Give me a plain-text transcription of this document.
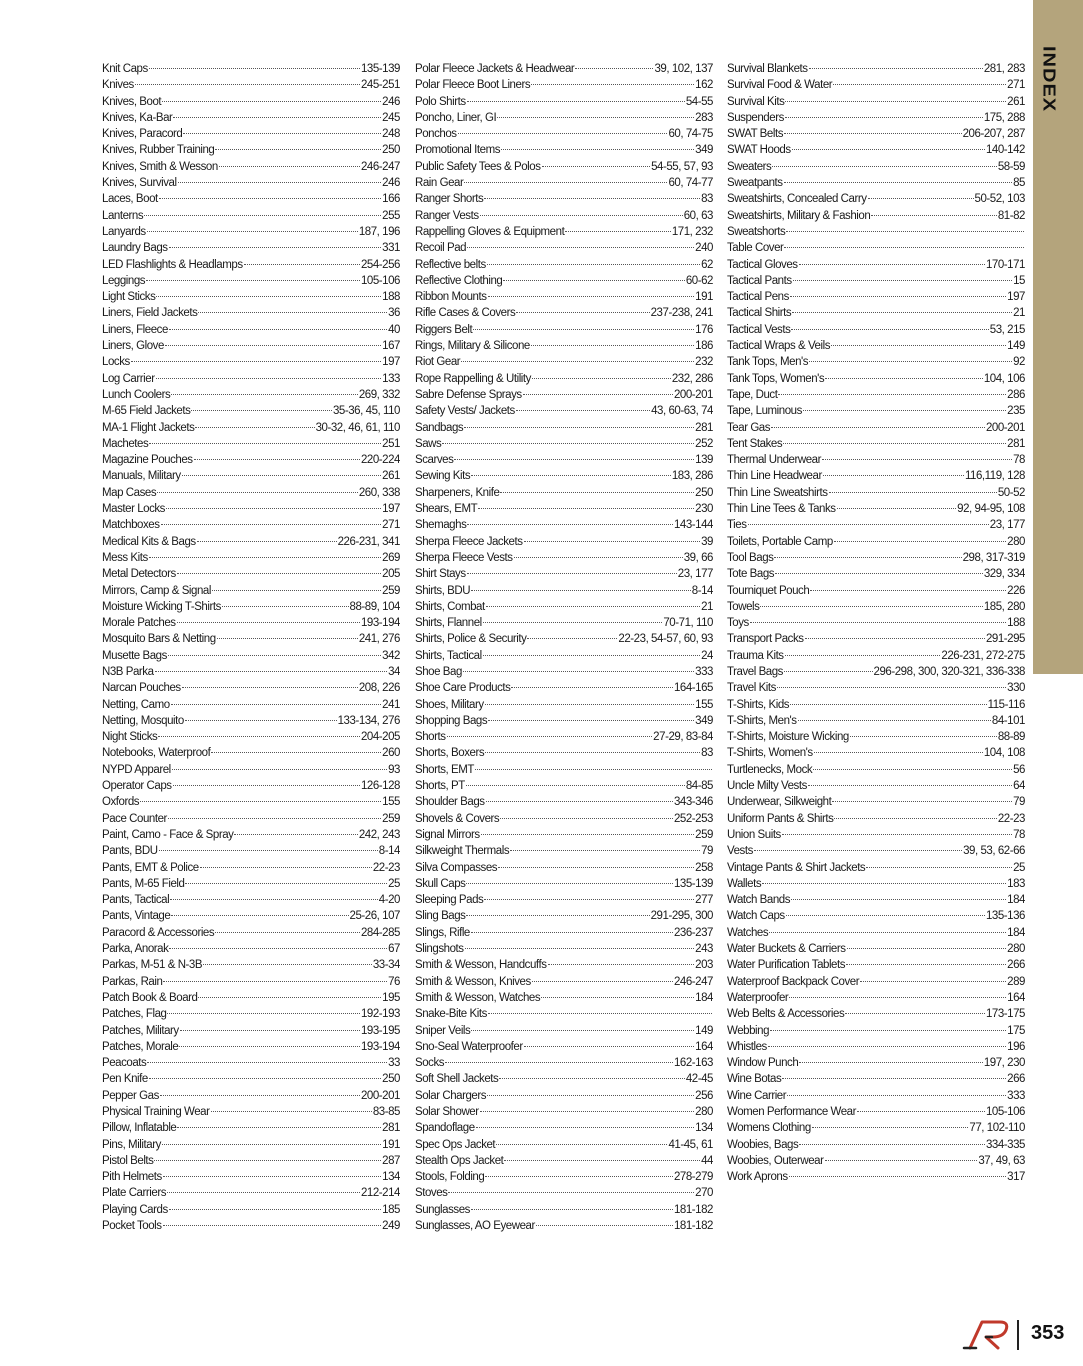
INDEX
Knit Caps	135-139
Knives	245-251
Knives, Boot	246
Knives, Ka-Bar	245
Knives, Paracord	248
Knives, Rubber Training	250
Knives, Smith & Wesson	246-247
Knives, Survival	246
Laces, Boot	166
Lanterns	255
Lanyards	187, 196
Laundry Bags	331
LED Flashlights & Headlamps	254-256
Leggings	105-106
Light Sticks	188
Liners, Field Jackets	36
Liners, Fleece	40
Liners, Glove	167
Locks	197
Log Carrier	133
Lunch Coolers	269, 332
M-65 Field Jackets	35-36, 45, 110
MA-1 Flight Jackets	30-32, 46, 61, 110
Machetes	251
Magazine Pouches	220-224
Manuals, Military	261
Map Cases	260, 338
Master Locks	197
Matchboxes	271
Medical Kits & Bags	226-231, 341
Mess Kits	269
Metal Detectors	205
Mirrors, Camp & Signal	259
Moisture Wicking T-Shirts	88-89, 104
Morale Patches	193-194
Mosquito Bars & Netting	241, 276
Musette Bags	342
N3B Parka	34
Narcan Pouches	208, 226
Netting, Camo	241
Netting, Mosquito	133-134, 276
Night Sticks	204-205
Notebooks, Waterproof	260
NYPD Apparel	93
Operator Caps	126-128
Oxfords	155
Pace Counter	259
Paint, Camo - Face & Spray	242, 243
Pants, BDU	8-14
Pants, EMT & Police	22-23
Pants, M-65 Field	25
Pants, Tactical	4-20
Pants, Vintage	25-26, 107
Paracord & Accessories	284-285
Parka, Anorak	67
Parkas, M-51 & N-3B	33-34
Parkas, Rain	76
Patch Book & Board	195
Patches, Flag	192-193
Patches, Military	193-195
Patches, Morale	193-194
Peacoats	33
Pen Knife	250
Pepper Gas	200-201
Physical Training Wear	83-85
Pillow, Inflatable	281
Pins, Military	191
Pistol Belts	287
Pith Helmets	134
Plate Carriers	212-214
Playing Cards	185
Pocket Tools	249
Polar Fleece Jackets & Headwear	39, 102, 137
Polar Fleece Boot Liners	162
Polo Shirts	54-55
Poncho, Liner, GI	283
Ponchos	60, 74-75
Promotional Items	349
Public Safety Tees & Polos	54-55, 57, 93
Rain Gear	60, 74-77
Ranger Shorts	83
Ranger Vests	60, 63
Rappelling Gloves & Equipment	171, 232
Recoil Pad	240
Reflective belts	62
Reflective Clothing	60-62
Ribbon Mounts	191
Rifle Cases & Covers	237-238, 241
Riggers Belt	176
Rings, Military & Silicone	186
Riot Gear	232
Rope Rappelling & Utility	232, 286
Sabre Defense Sprays	200-201
Safety Vests/ Jackets	43, 60-63, 74
Sandbags	281
Saws	252
Scarves	139
Sewing Kits	183, 286
Sharpeners, Knife	250
Shears, EMT	230
Shemaghs	143-144
Sherpa Fleece Jackets	39
Sherpa Fleece Vests	39, 66
Shirt Stays	23, 177
Shirts, BDU	8-14
Shirts, Combat	21
Shirts, Flannel	70-71, 110
Shirts, Police & Security	22-23, 54-57, 60, 93
Shirts, Tactical	24
Shoe Bag	333
Shoe Care Products	164-165
Shoes, Military	155
Shopping Bags	349
Shorts	27-29, 83-84
Shorts, Boxers	83
Shorts, EMT
Shorts, PT	84-85
Shoulder Bags	343-346
Shovels & Covers	252-253
Signal Mirrors	259
Silkweight Thermals	79
Silva Compasses	258
Skull Caps	135-139
Sleeping Pads	277
Sling Bags	291-295, 300
Slings, Rifle	236-237
Slingshots	243
Smith & Wesson, Handcuffs	203
Smith & Wesson, Knives	246-247
Smith & Wesson, Watches	184
Snake-Bite Kits
Sniper Veils	149
Sno-Seal Waterproofer	164
Socks	162-163
Soft Shell Jackets	42-45
Solar Chargers	256
Solar Shower	280
Spandoflage	134
Spec Ops Jacket	41-45, 61
Stealth Ops Jacket	44
Stools, Folding	278-279
Stoves	270
Sunglasses	181-182
Sunglasses, AO Eyewear	181-182
Survival Blankets	281, 283
Survival Food & Water	271
Survival Kits	261
Suspenders	175, 288
SWAT Belts	206-207, 287
SWAT Hoods	140-142
Sweaters	58-59
Sweatpants	85
Sweatshirts, Concealed Carry	50-52, 103
Sweatshirts, Military & Fashion	81-82
Sweatshorts
Table Cover
Tactical Gloves	170-171
Tactical Pants	15
Tactical Pens	197
Tactical Shirts	21
Tactical Vests	53, 215
Tactical Wraps & Veils	149
Tank Tops, Men's	92
Tank Tops, Women's	104, 106
Tape, Duct	286
Tape, Luminous	235
Tear Gas	200-201
Tent Stakes	281
Thermal Underwear	78
Thin Line Headwear	116,119, 128
Thin Line Sweatshirts	50-52
Thin Line Tees & Tanks	92, 94-95, 108
Ties	23, 177
Toilets, Portable Camp	280
Tool Bags	298, 317-319
Tote Bags	329, 334
Tourniquet Pouch	226
Towels	185, 280
Toys	188
Transport Packs	291-295
Trauma Kits	226-231, 272-275
Travel Bags	296-298, 300, 320-321, 336-338
Travel Kits	330
T-Shirts, Kids	115-116
T-Shirts, Men's	84-101
T-Shirts, Moisture Wicking	88-89
T-Shirts, Women's	104, 108
Turtlenecks, Mock	56
Uncle Milty Vests	64
Underwear, Silkweight	79
Uniform Pants & Shirts	22-23
Union Suits	78
Vests	39, 53, 62-66
Vintage Pants & Shirt Jackets	25
Wallets	183
Watch Bands	184
Watch Caps	135-136
Watches	184
Water Buckets & Carriers	280
Water Purification Tablets	266
Waterproof Backpack Cover	289
Waterproofer	164
Web Belts & Accessories	173-175
Webbing	175
Whistles	196
Window Punch	197, 230
Wine Botas	266
Wine Carrier	333
Women Performance Wear	105-106
Womens Clothing	77, 102-110
Woobies, Bags	334-335
Woobies, Outerwear	37, 49, 63
Work Aprons	317
353
